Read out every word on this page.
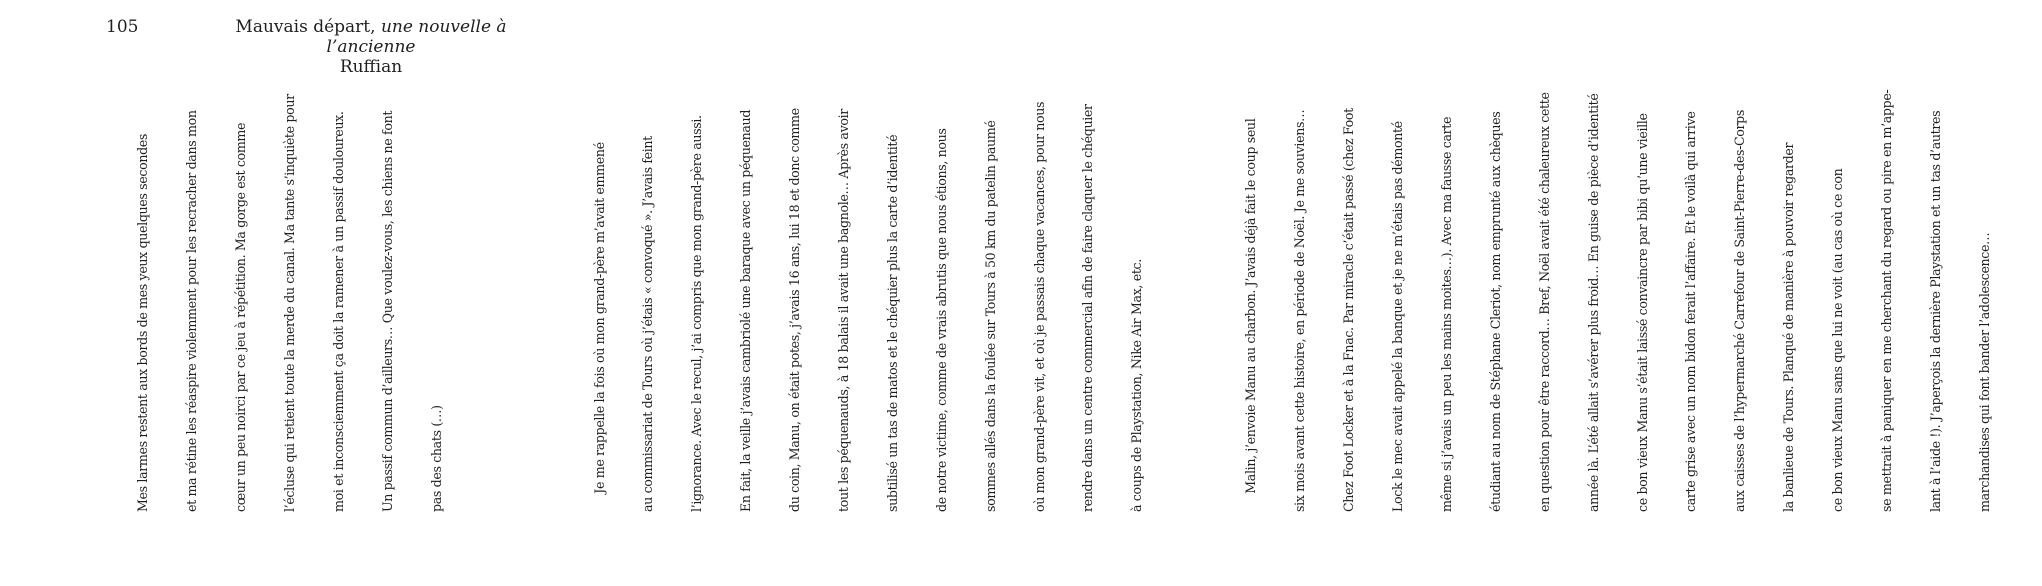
105	Mauvais départ, une nouvelle à l’ancienne
Ruffian

Mes larmes restent aux bords de mes yeux quelques secondes

	et ma rétine les réaspire violemment pour les recracher dans mon

	cœur un peu noirci par ce jeu à répétition. Ma gorge est comme

	l’écluse qui retient toute la merde du canal. Ma tante s’inquiète pour

	moi et inconsciemment ça doit la ramener à un passif douloureux.

	Un passif commun d’ailleurs… Que voulez-vous, les chiens ne font

	pas des chats (…)

	Je me rappelle la fois où mon grand-père m’avait emmené

	au commissariat de Tours où j’étais « convoqué ». J’avais feint

	l’ignorance. Avec le recul, j’ai compris que mon grand-père aussi.

	En fait, la veille j’avais cambriolé une baraque avec un péquenaud

	du coin, Manu, on était potes, j’avais 16 ans, lui 18 et donc comme

	tout les péquenauds, à 18 balais il avait une bagnole… Après avoir

	subtilisé un tas de matos et le chéquier plus la carte d’identité

	de notre victime, comme de vrais abrutis que nous étions, nous

	sommes allés dans la foulée sur Tours à 50 km du patelin paumé

	où mon grand-père vit, et où je passais chaque vacances, pour nous

	rendre dans un centre commercial afin de faire claquer le chéquier

	à coups de Playstation, Nike Air Max, etc.

	Malin, j’envoie Manu au charbon. J’avais déjà fait le coup seul

	six mois avant cette histoire, en période de Noël. Je me souviens…

	Chez Foot Locker et à la Fnac. Par miracle c’était passé (chez Foot

	Lock le mec avait appelé la banque et je ne m’étais pas démonté

	même si j’avais un peu les mains moites…). Avec ma fausse carte

	étudiant au nom de Stéphane Cleriot, nom emprunté aux chèques

	en question pour être raccord… Bref, Noël avait été chaleureux cette

	année là. L’été allait s’avérer plus froid… En guise de pièce d’identité

	ce bon vieux Manu s’était laissé convaincre par bibi qu’une vieille

	carte grise avec un nom bidon ferait l’affaire. Et le voilà qui arrive

	aux caisses de l’hypermarché Carrefour de Saint-Pierre-des-Corps

	la banlieue de Tours. Planqué de manière à pouvoir regarder

	ce bon vieux Manu sans que lui ne voit (au cas où ce con

	se mettrait à paniquer en me cherchant du regard ou pire en m’appe-

	lant à l’aide !). J’aperçois la dernière Playstation et un tas d’autres

	marchandises qui font bander l’adolescence…
